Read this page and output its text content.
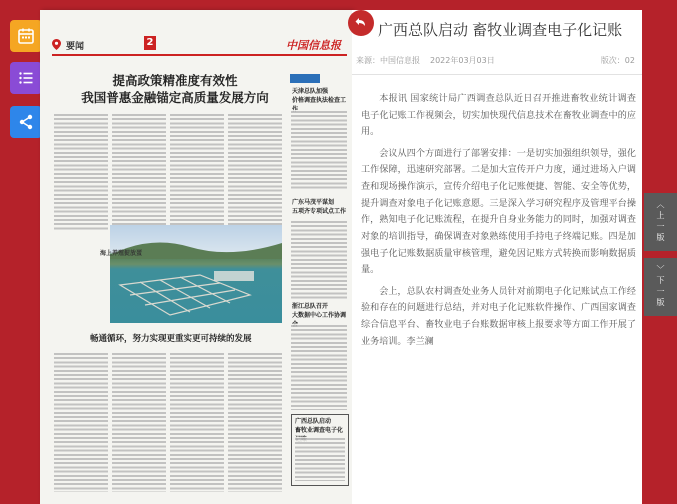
要闻	2	中国信息报
提高政策精准度有效性
我国普惠金融锚定高质量发展方向	天津总队加强
价格调查执法检查工
广东马茂平谋划
五项齐专项试点工作
浙江总队召开
大数据中心工作协调
海上养殖捉放蛋
畅通循环，努力实现更重实更可持续的发展
广西总队启动
畜牧业调查电子化
广西总队启动 畜牧业调查电子化记账
来源：中国信息报 2022年03月03日	版次：02

本报讯 国家统计局广西调查总队近日召开推进畜牧业统计调查电子化记账工作视频会，切实加快现代信息技术在畜牧业调查中的应用。

会议从四个方面进行了部署安排：一是切实加强组织领导，强化工作保障，迅速研究部署。二是加大宣传开户力度，通过进场入户调查和现场操作演示，宣传介绍电子化记账便捷、智能、安全等优势，提升调查对象电子化记账意愿。三是深入学习研究程序及管理平台操作，熟知电子化记账流程，在提升自身业务能力的同时，加强对调查对象的培训指导，确保调查对象熟练使用手持电子终端记账。四是加强电子化记账数据质量审核管理，避免因记账方式转换而影响数据质量。

会上，总队农村调查处业务人员针对前期电子化记账试点工作经验和存在的问题进行总结，并对电子化记账软件操作、广西国家调查综合信息平台、畜牧业电子台账数据审核上报要求等方面工作开展了业务培训。李兰澜

︿
上一版
﹀
下一版
